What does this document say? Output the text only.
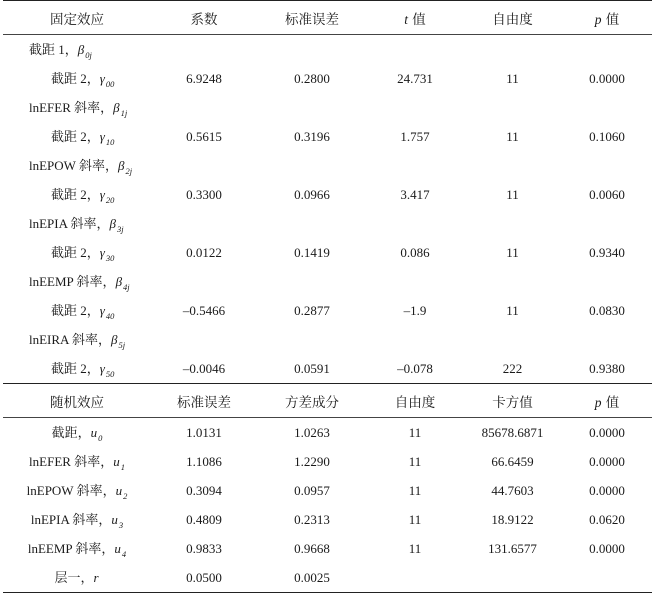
固定效应	系数	标准误差	t 值	自由度	p 值
截距 1，$\beta_{0j}$					
截距 2，$\gamma_{00}$	6.9248	0.2800	24.731	11	0.0000
lnEFER 斜率，$\beta_{1j}$					
截距 2，$\gamma_{10}$	0.5615	0.3196	1.757	11	0.1060
lnEPOW 斜率，$\beta_{2j}$					
截距 2，$\gamma_{20}$	0.3300	0.0966	3.417	11	0.0060
lnEPIA 斜率，$\beta_{3j}$					
截距 2，$\gamma_{30}$	0.0122	0.1419	0.086	11	0.9340
lnEEMP 斜率，$\beta_{4j}$					
截距 2，$\gamma_{40}$	–0.5466	0.2877	–1.9	11	0.0830
lnEIRA 斜率，$\beta_{5j}$					
截距 2，$\gamma_{50}$	–0.0046	0.0591	–0.078	222	0.9380
随机效应	标准误差	方差成分	自由度	卡方值	p 值
截距，$u_0$	1.0131	1.0263	11	85678.6871	0.0000
lnEFER 斜率，$u_1$	1.1086	1.2290	11	66.6459	0.0000
lnEPOW 斜率，$u_2$	0.3094	0.0957	11	44.7603	0.0000
lnEPIA 斜率，$u_3$	0.4809	0.2313	11	18.9122	0.0620
lnEEMP 斜率，$u_4$	0.9833	0.9668	11	131.6577	0.0000
层一，r	0.0500	0.0025			
